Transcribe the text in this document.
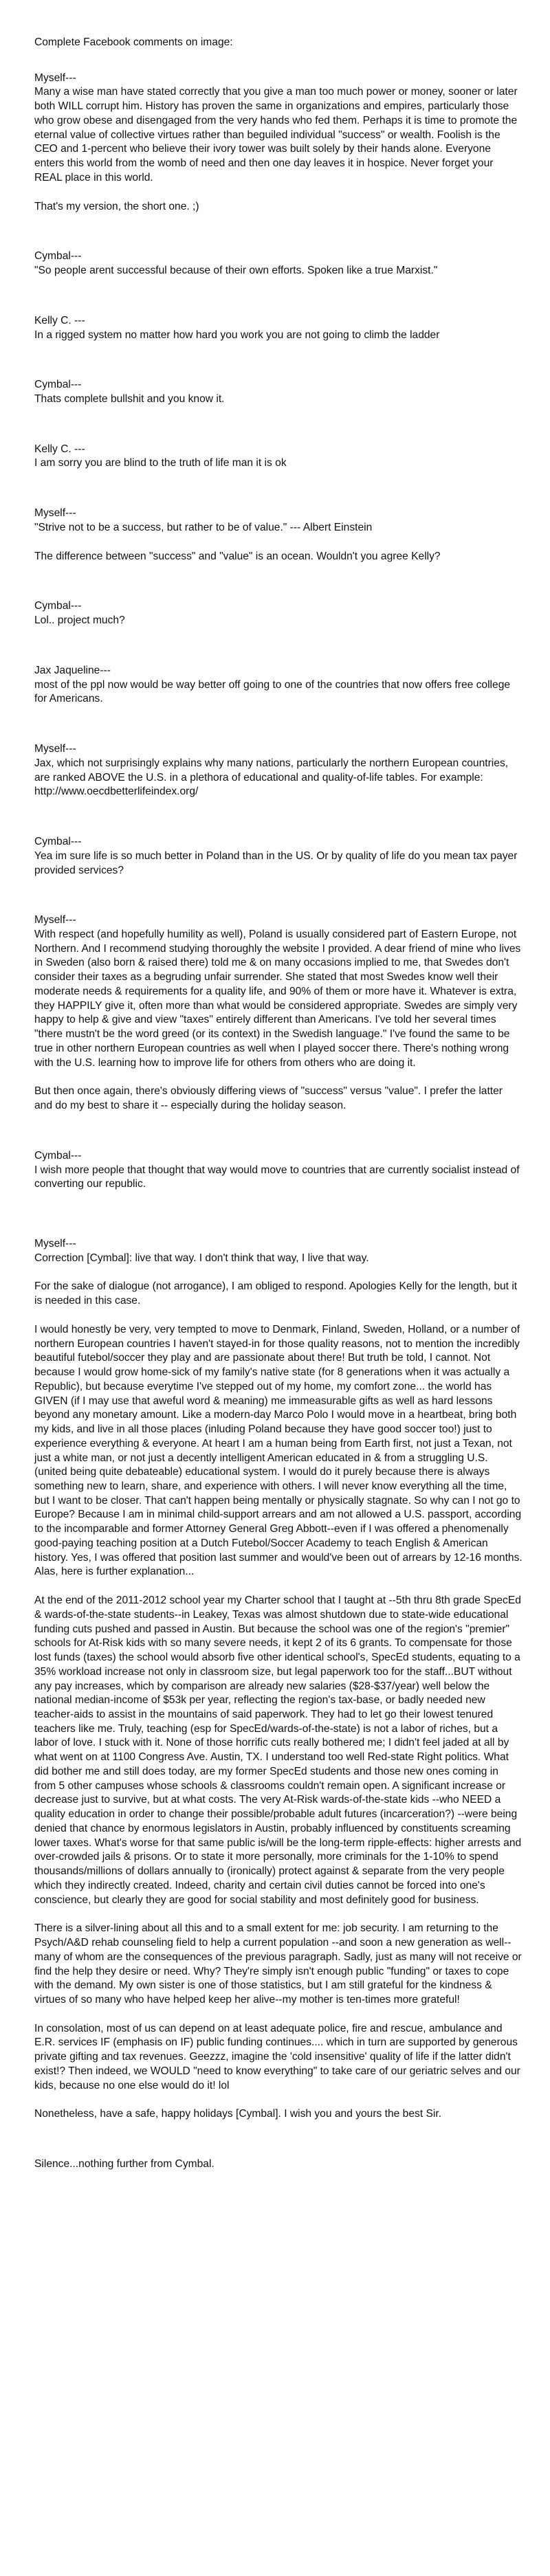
Complete Facebook comments on image:

Myself---

Many a wise man have stated correctly that you give a man too much power or money, sooner or later both WILL corrupt him. History has proven the same in organizations and empires, particularly those who grow obese and disengaged from the very hands who fed them. Perhaps it is time to promote the eternal value of collective virtues rather than beguiled individual "success" or wealth. Foolish is the CEO and 1-percent who believe their ivory tower was built solely by their hands alone. Everyone enters this world from the womb of need and then one day leaves it in hospice. Never forget your REAL place in this world.

That's my version, the short one. ;)

Cymbal---

"So people arent successful because of their own efforts. Spoken like a true Marxist."

Kelly C. ---

In a rigged system no matter how hard you work you are not going to climb the ladder

Cymbal---

Thats complete bullshit and you know it.

Kelly C. ---

I am sorry you are blind to the truth of life man it is ok

Myself---

"Strive not to be a success, but rather to be of value." --- Albert Einstein

The difference between "success" and "value" is an ocean. Wouldn't you agree Kelly?

Cymbal---

Lol.. project much?

Jax Jaqueline---

most of the ppl now would be way better off going to one of the countries that now offers free college for Americans.

Myself---

Jax, which not surprisingly explains why many nations, particularly the northern European countries, are ranked ABOVE the U.S. in a plethora of educational and quality-of-life tables. For example:
http://www.oecdbetterlifeindex.org/

Cymbal---

Yea im sure life is so much better in Poland than in the US. Or by quality of life do you mean tax payer provided services?

Myself---

With respect (and hopefully humility as well), Poland is usually considered part of Eastern Europe, not Northern. And I recommend studying thoroughly the website I provided. A dear friend of mine who lives in Sweden (also born & raised there) told me & on many occasions implied to me, that Swedes don't consider their taxes as a begruding unfair surrender. She stated that most Swedes know well their moderate needs & requirements for a quality life, and 90% of them or more have it. Whatever is extra, they HAPPILY give it, often more than what would be considered appropriate. Swedes are simply very happy to help & give and view "taxes" entirely different than Americans. I've told her several times "there mustn't be the word greed (or its context) in the Swedish language." I've found the same to be true in other northern European countries as well when I played soccer there. There's nothing wrong with the U.S. learning how to improve life for others from others who are doing it.

But then once again, there's obviously differing views of "success" versus "value". I prefer the latter and do my best to share it -- especially during the holiday season.

Cymbal---

I wish more people that thought that way would move to countries that are currently socialist instead of converting our republic.

Myself---

Correction [Cymbal]: live that way. I don't think that way, I live that way.

For the sake of dialogue (not arrogance), I am obliged to respond. Apologies Kelly for the length, but it is needed in this case.

I would honestly be very, very tempted to move to Denmark, Finland, Sweden, Holland, or a number of northern European countries I haven't stayed-in for those quality reasons, not to mention the incredibly beautiful futebol/soccer they play and are passionate about there! But truth be told, I cannot. Not because I would grow home-sick of my family's native state (for 8 generations when it was actually a Republic), but because everytime I've stepped out of my home, my comfort zone... the world has GIVEN (if I may use that aweful word & meaning) me immeasurable gifts as well as hard lessons beyond any monetary amount. Like a modern-day Marco Polo I would move in a heartbeat, bring both my kids, and live in all those places (inluding Poland because they have good soccer too!) just to experience everything & everyone. At heart I am a human being from Earth first, not just a Texan, not just a white man, or not just a decently intelligent American educated in & from a struggling U.S. (united being quite debateable) educational system. I would do it purely because there is always something new to learn, share, and experience with others. I will never know everything all the time, but I want to be closer. That can't happen being mentally or physically stagnate. So why can I not go to Europe? Because I am in minimal child-support arrears and am not allowed a U.S. passport, according to the incomparable and former Attorney General Greg Abbott--even if I was offered a phenomenally good-paying teaching position at a Dutch Futebol/Soccer Academy to teach English & American history. Yes, I was offered that position last summer and would've been out of arrears by 12-16 months. Alas, here is further explanation...

At the end of the 2011-2012 school year my Charter school that I taught at --5th thru 8th grade SpecEd & wards-of-the-state students--in Leakey, Texas was almost shutdown due to state-wide educational funding cuts pushed and passed in Austin. But because the school was one of the region's "premier" schools for At-Risk kids with so many severe needs, it kept 2 of its 6 grants. To compensate for those lost funds (taxes) the school would absorb five other identical school's, SpecEd students, equating to a 35% workload increase not only in classroom size, but legal paperwork too for the staff...BUT without any pay increases, which by comparison are already new salaries ($28-$37/year) well below the national median-income of $53k per year, reflecting the region's tax-base, or badly needed new teacher-aids to assist in the mountains of said paperwork. They had to let go their lowest tenured teachers like me. Truly, teaching (esp for SpecEd/wards-of-the-state) is not a labor of riches, but a labor of love. I stuck with it. None of those horrific cuts really bothered me; I didn't feel jaded at all by what went on at 1100 Congress Ave. Austin, TX. I understand too well Red-state Right politics. What did bother me and still does today, are my former SpecEd students and those new ones coming in from 5 other campuses whose schools & classrooms couldn't remain open. A significant increase or decrease just to survive, but at what costs. The very At-Risk wards-of-the-state kids --who NEED a quality education in order to change their possible/probable adult futures (incarceration?) --were being denied that chance by enormous legislators in Austin, probably influenced by constituents screaming lower taxes. What's worse for that same public is/will be the long-term ripple-effects: higher arrests and over-crowded jails & prisons. Or to state it more personally, more criminals for the 1-10% to spend thousands/millions of dollars annually to (ironically) protect against & separate from the very people which they indirectly created. Indeed, charity and certain civil duties cannot be forced into one's conscience, but clearly they are good for social stability and most definitely good for business.

There is a silver-lining about all this and to a small extent for me: job security. I am returning to the Psych/A&D rehab counseling field to help a current population --and soon a new generation as well--many of whom are the consequences of the previous paragraph. Sadly, just as many will not receive or find the help they desire or need. Why? They're simply isn't enough public "funding" or taxes to cope with the demand. My own sister is one of those statistics, but I am still grateful for the kindness & virtues of so many who have helped keep her alive--my mother is ten-times more grateful!

In consolation, most of us can depend on at least adequate police, fire and rescue, ambulance and E.R. services IF (emphasis on IF) public funding continues.... which in turn are supported by generous private gifting and tax revenues. Geezzz, imagine the 'cold insensitive' quality of life if the latter didn't exist!? Then indeed, we WOULD "need to know everything" to take care of our geriatric selves and our kids, because no one else would do it! lol

Nonetheless, have a safe, happy holidays [Cymbal]. I wish you and yours the best Sir.

Silence...nothing further from Cymbal.
